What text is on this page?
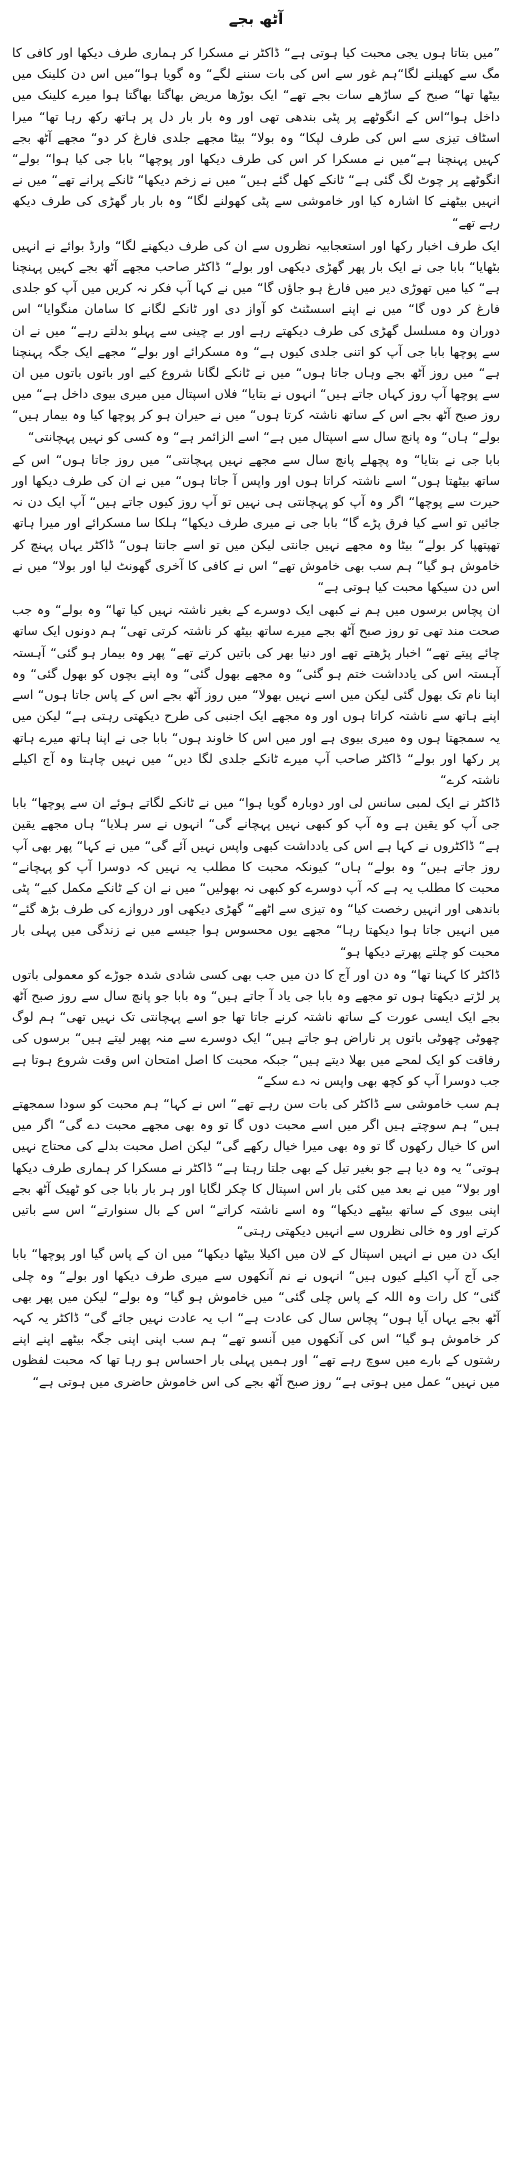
آٹھ بجے

”میں بتاتا ہوں یجی محبت کیا ہوتی ہے“ ڈاکٹر نے مسکرا کر ہماری طرف دیکھا اور کافی کا مگ سے کھیلنے لگا“ہم غور سے اس کی بات سننے لگے“ وہ گویا ہوا“میں اس دن کلینک میں بیٹھا تھا“ صبح کے ساڑھے سات بجے تھے“ ایک بوڑھا مریض بھاگتا بھاگتا ہوا میرے کلینک میں داخل ہوا“اس کے انگوٹھے پر پٹی بندھی تھی اور وہ بار بار دل پر ہاتھ رکھ رہا تھا“ میرا اسٹاف تیزی سے اس کی طرف لپکا“ وہ بولا“ بیٹا مجھے جلدی فارغ کر دو“ مجھے آٹھ بجے کہیں پہنچنا ہے“میں نے مسکرا کر اس کی طرف دیکھا اور پوچھا“ بابا جی کیا ہوا“ بولے“ انگوٹھے پر چوٹ لگ گئی ہے“ ٹانکے کھل گئے ہیں“ میں نے زخم دیکھا“ ٹانکے پرانے تھے“ میں نے انہیں بیٹھنے کا اشارہ کیا اور خاموشی سے پٹی کھولنے لگا“ وہ بار بار گھڑی کی طرف دیکھ رہے تھے“

ایک طرف اخبار رکھا اور استعجابیہ نظروں سے ان کی طرف دیکھنے لگا“ وارڈ بوائے نے انہیں بٹھایا“ بابا جی نے ایک بار پھر گھڑی دیکھی اور بولے“ ڈاکٹر صاحب مجھے آٹھ بجے کہیں پہنچنا ہے“ کیا میں تھوڑی دیر میں فارغ ہو جاؤں گا“ میں نے کہا آپ فکر نہ کریں میں آپ کو جلدی فارغ کر دوں گا“ میں نے اپنے اسسٹنٹ کو آواز دی اور ٹانکے لگانے کا سامان منگوایا“ اس دوران وہ مسلسل گھڑی کی طرف دیکھتے رہے اور بے چینی سے پہلو بدلتے رہے“ میں نے ان سے پوچھا بابا جی آپ کو اتنی جلدی کیوں ہے“ وہ مسکرائے اور بولے“ مجھے ایک جگہ پہنچنا ہے“ میں روز آٹھ بجے وہاں جاتا ہوں“ میں نے ٹانکے لگانا شروع کیے اور باتوں باتوں میں ان سے پوچھا آپ روز کہاں جاتے ہیں“ انہوں نے بتایا“ فلاں اسپتال میں میری بیوی داخل ہے“ میں روز صبح آٹھ بجے اس کے ساتھ ناشتہ کرتا ہوں“ میں نے حیران ہو کر پوچھا کیا وہ بیمار ہیں“ بولے“ ہاں“ وہ پانچ سال سے اسپتال میں ہے“ اسے الزائمر ہے“ وہ کسی کو نہیں پہچانتی“

بابا جی نے بتایا“ وہ پچھلے پانچ سال سے مجھے نہیں پہچانتی“ میں روز جاتا ہوں“ اس کے ساتھ بیٹھتا ہوں“ اسے ناشتہ کراتا ہوں اور واپس آ جاتا ہوں“ میں نے ان کی طرف دیکھا اور حیرت سے پوچھا“ اگر وہ آپ کو پہچانتی ہی نہیں تو آپ روز کیوں جاتے ہیں“ آپ ایک دن نہ جائیں تو اسے کیا فرق پڑے گا“ بابا جی نے میری طرف دیکھا“ ہلکا سا مسکرائے اور میرا ہاتھ تھپتھپا کر بولے“ بیٹا وہ مجھے نہیں جانتی لیکن میں تو اسے جانتا ہوں“ ڈاکٹر یہاں پہنچ کر خاموش ہو گیا“ ہم سب بھی خاموش تھے“ اس نے کافی کا آخری گھونٹ لیا اور بولا“ میں نے اس دن سیکھا محبت کیا ہوتی ہے“

ان پچاس برسوں میں ہم نے کبھی ایک دوسرے کے بغیر ناشتہ نہیں کیا تھا“ وہ بولے“ وہ جب صحت مند تھی تو روز صبح آٹھ بجے میرے ساتھ بیٹھ کر ناشتہ کرتی تھی“ ہم دونوں ایک ساتھ چائے پیتے تھے“ اخبار پڑھتے تھے اور دنیا بھر کی باتیں کرتے تھے“ پھر وہ بیمار ہو گئی“ آہستہ آہستہ اس کی یادداشت ختم ہو گئی“ وہ مجھے بھول گئی“ وہ اپنے بچوں کو بھول گئی“ وہ اپنا نام تک بھول گئی لیکن میں اسے نہیں بھولا“ میں روز آٹھ بجے اس کے پاس جاتا ہوں“ اسے اپنے ہاتھ سے ناشتہ کراتا ہوں اور وہ مجھے ایک اجنبی کی طرح دیکھتی رہتی ہے“ لیکن میں یہ سمجھتا ہوں وہ میری بیوی ہے اور میں اس کا خاوند ہوں“ بابا جی نے اپنا ہاتھ میرے ہاتھ پر رکھا اور بولے“ ڈاکٹر صاحب آپ میرے ٹانکے جلدی لگا دیں“ میں نہیں چاہتا وہ آج اکیلے ناشتہ کرے“

ڈاکٹر نے ایک لمبی سانس لی اور دوبارہ گویا ہوا“ میں نے ٹانکے لگاتے ہوئے ان سے پوچھا“ بابا جی آپ کو یقین ہے وہ آپ کو کبھی نہیں پہچانے گی“ انہوں نے سر ہلایا“ ہاں مجھے یقین ہے“ ڈاکٹروں نے کہا ہے اس کی یادداشت کبھی واپس نہیں آئے گی“ میں نے کہا“ پھر بھی آپ روز جاتے ہیں“ وہ بولے“ ہاں“ کیونکہ محبت کا مطلب یہ نہیں کہ دوسرا آپ کو پہچانے“ محبت کا مطلب یہ ہے کہ آپ دوسرے کو کبھی نہ بھولیں“ میں نے ان کے ٹانکے مکمل کیے“ پٹی باندھی اور انہیں رخصت کیا“ وہ تیزی سے اٹھے“ گھڑی دیکھی اور دروازے کی طرف بڑھ گئے“ میں انہیں جاتا ہوا دیکھتا رہا“ مجھے یوں محسوس ہوا جیسے میں نے زندگی میں پہلی بار محبت کو چلتے پھرتے دیکھا ہو“

ڈاکٹر کا کہنا تھا“ وہ دن اور آج کا دن میں جب بھی کسی شادی شدہ جوڑے کو معمولی باتوں پر لڑتے دیکھتا ہوں تو مجھے وہ بابا جی یاد آ جاتے ہیں“ وہ بابا جو پانچ سال سے روز صبح آٹھ بجے ایک ایسی عورت کے ساتھ ناشتہ کرنے جاتا تھا جو اسے پہچانتی تک نہیں تھی“ ہم لوگ چھوٹی چھوٹی باتوں پر ناراض ہو جاتے ہیں“ ایک دوسرے سے منہ پھیر لیتے ہیں“ برسوں کی رفاقت کو ایک لمحے میں بھلا دیتے ہیں“ جبکہ محبت کا اصل امتحان اس وقت شروع ہوتا ہے جب دوسرا آپ کو کچھ بھی واپس نہ دے سکے“

ہم سب خاموشی سے ڈاکٹر کی بات سن رہے تھے“ اس نے کہا“ ہم محبت کو سودا سمجھتے ہیں“ ہم سوچتے ہیں اگر میں اسے محبت دوں گا تو وہ بھی مجھے محبت دے گی“ اگر میں اس کا خیال رکھوں گا تو وہ بھی میرا خیال رکھے گی“ لیکن اصل محبت بدلے کی محتاج نہیں ہوتی“ یہ وہ دیا ہے جو بغیر تیل کے بھی جلتا رہتا ہے“ ڈاکٹر نے مسکرا کر ہماری طرف دیکھا اور بولا“ میں نے بعد میں کئی بار اس اسپتال کا چکر لگایا اور ہر بار بابا جی کو ٹھیک آٹھ بجے اپنی بیوی کے ساتھ بیٹھے دیکھا“ وہ اسے ناشتہ کراتے“ اس کے بال سنوارتے“ اس سے باتیں کرتے اور وہ خالی نظروں سے انہیں دیکھتی رہتی“

ایک دن میں نے انہیں اسپتال کے لان میں اکیلا بیٹھا دیکھا“ میں ان کے پاس گیا اور پوچھا“ بابا جی آج آپ اکیلے کیوں ہیں“ انہوں نے نم آنکھوں سے میری طرف دیکھا اور بولے“ وہ چلی گئی“ کل رات وہ اللہ کے پاس چلی گئی“ میں خاموش ہو گیا“ وہ بولے“ لیکن میں پھر بھی آٹھ بجے یہاں آیا ہوں“ پچاس سال کی عادت ہے“ اب یہ عادت نہیں جائے گی“ ڈاکٹر یہ کہہ کر خاموش ہو گیا“ اس کی آنکھوں میں آنسو تھے“ ہم سب اپنی اپنی جگہ بیٹھے اپنے اپنے رشتوں کے بارے میں سوچ رہے تھے“ اور ہمیں پہلی بار احساس ہو رہا تھا کہ محبت لفظوں میں نہیں“ عمل میں ہوتی ہے“ روز صبح آٹھ بجے کی اس خاموش حاضری میں ہوتی ہے“
